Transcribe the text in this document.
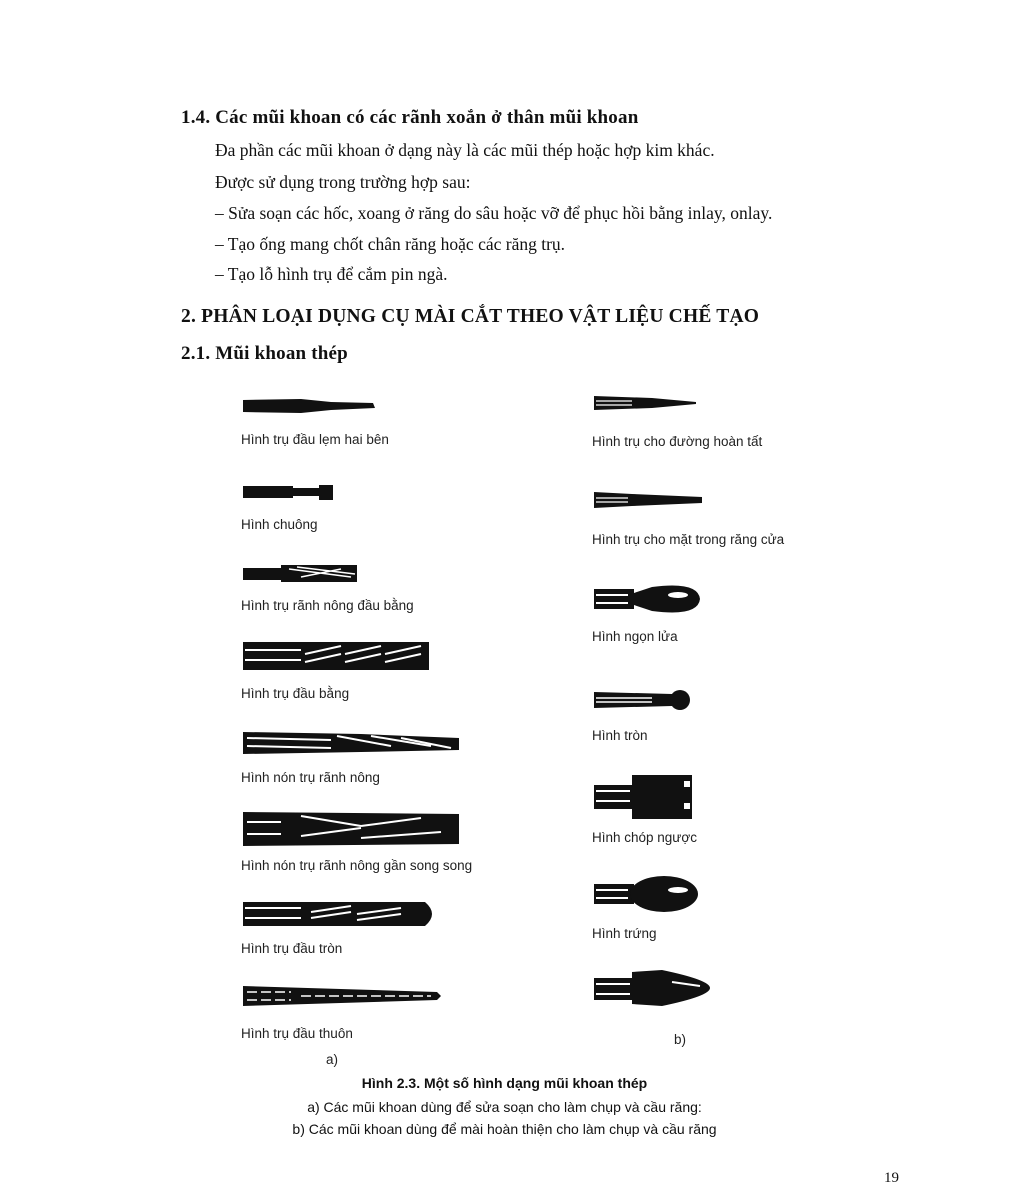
1.4. Các mũi khoan có các rãnh xoắn ở thân mũi khoan
Đa phần các mũi khoan ở dạng này là các mũi thép hoặc hợp kim khác.
Được sử dụng trong trường hợp sau:
– Sửa soạn các hốc, xoang ở răng do sâu hoặc vỡ để phục hồi bằng inlay, onlay.
– Tạo ống mang chốt chân răng hoặc các răng trụ.
– Tạo lỗ hình trụ để cắm pin ngà.
2. PHÂN LOẠI DỤNG CỤ MÀI CẮT THEO VẬT LIỆU CHẾ TẠO
2.1. Mũi khoan thép
Hình trụ đầu lẹm hai bên
Hình chuông
Hình trụ rãnh nông đầu bằng
Hình trụ đầu bằng
Hình nón trụ rãnh nông
Hình nón trụ rãnh nông gần song song
Hình trụ đầu tròn
Hình trụ đầu thuôn
a)
Hình trụ cho đường hoàn tất
Hình trụ cho mặt trong răng cửa
Hình ngọn lửa
Hình tròn
Hình chóp ngược
Hình trứng
b)
Hình 2.3. Một số hình dạng mũi khoan thép
a) Các mũi khoan dùng để sửa soạn cho làm chụp và cầu răng:
b) Các mũi khoan dùng để mài hoàn thiện cho làm chụp và cầu răng
19
